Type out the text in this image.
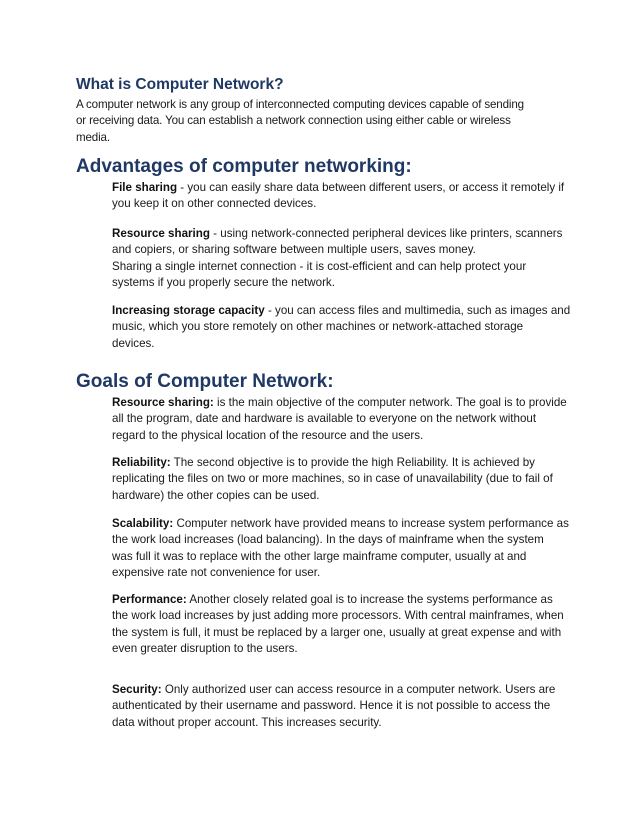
What is Computer Network?

A computer network is any group of interconnected computing devices capable of sending
or receiving data. You can establish a network connection using either cable or wireless
media.

Advantages of computer networking:

File sharing - you can easily share data between different users, or access it remotely if
you keep it on other connected devices.

Resource sharing - using network-connected peripheral devices like printers, scanners
and copiers, or sharing software between multiple users, saves money.
Sharing a single internet connection - it is cost-efficient and can help protect your
systems if you properly secure the network.

Increasing storage capacity - you can access files and multimedia, such as images and
music, which you store remotely on other machines or network-attached storage
devices.

Goals of Computer Network:

Resource sharing: is the main objective of the computer network. The goal is to provide
all the program, date and hardware is available to everyone on the network without
regard to the physical location of the resource and the users.

Reliability: The second objective is to provide the high Reliability. It is achieved by
replicating the files on two or more machines, so in case of unavailability (due to fail of
hardware) the other copies can be used.

Scalability: Computer network have provided means to increase system performance as
the work load increases (load balancing). In the days of mainframe when the system
was full it was to replace with the other large mainframe computer, usually at and
expensive rate not convenience for user.

Performance: Another closely related goal is to increase the systems performance as
the work load increases by just adding more processors. With central mainframes, when
the system is full, it must be replaced by a larger one, usually at great expense and with
even greater disruption to the users.

Security: Only authorized user can access resource in a computer network. Users are
authenticated by their username and password. Hence it is not possible to access the
data without proper account. This increases security.
